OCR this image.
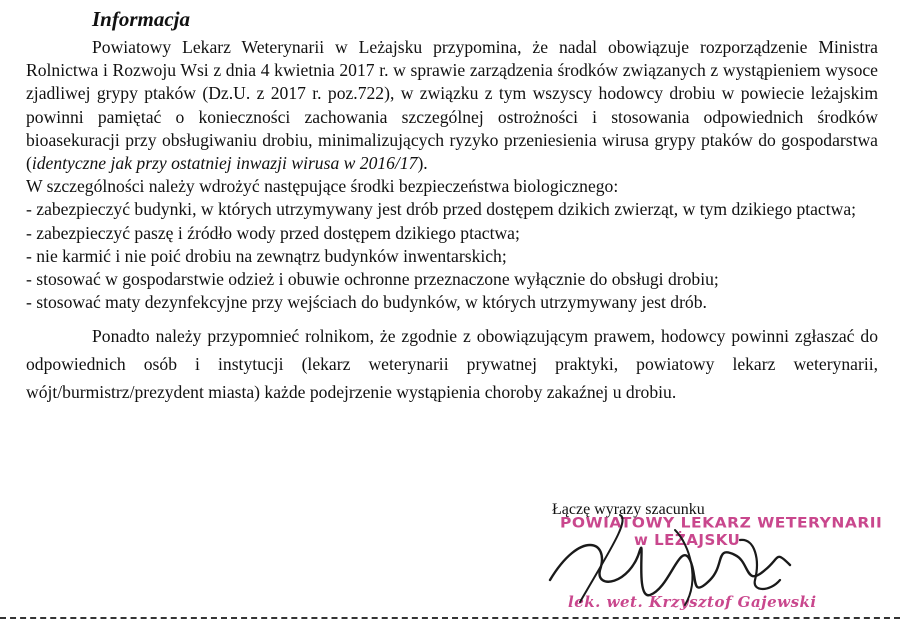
Informacja

Powiatowy Lekarz Weterynarii w Leżajsku przypomina, że nadal obowiązuje rozporządzenie Ministra Rolnictwa i Rozwoju Wsi z dnia 4 kwietnia 2017 r. w sprawie zarządzenia środków związanych z wystąpieniem wysoce zjadliwej grypy ptaków (Dz.U. z 2017 r. poz.722), w związku z tym wszyscy hodowcy drobiu w powiecie leżajskim powinni pamiętać o konieczności zachowania szczególnej ostrożności i stosowania odpowiednich środków bioasekuracji przy obsługiwaniu drobiu, minimalizujących ryzyko przeniesienia wirusa grypy ptaków do gospodarstwa (identyczne jak przy ostatniej inwazji wirusa w 2016/17).

W szczególności należy wdrożyć następujące środki bezpieczeństwa biologicznego:

- zabezpieczyć budynki, w których utrzymywany jest drób przed dostępem dzikich zwierząt, w tym dzikiego ptactwa;
- zabezpieczyć paszę i źródło wody przed dostępem dzikiego ptactwa;
- nie karmić i nie poić drobiu na zewnątrz budynków inwentarskich;
- stosować w gospodarstwie odzież i obuwie ochronne przeznaczone wyłącznie do obsługi drobiu;
- stosować maty dezynfekcyjne przy wejściach do budynków, w których utrzymywany jest drób.

Ponadto należy przypomnieć rolnikom, że zgodnie z obowiązującym prawem, hodowcy powinni zgłaszać do odpowiednich osób i instytucji (lekarz weterynarii prywatnej praktyki, powiatowy lekarz weterynarii, wójt/burmistrz/prezydent miasta) każde podejrzenie wystąpienia choroby zakaźnej u drobiu.

Łączę wyrazy szacunku
POWIATOWY LEKARZ WETERYNARII
w LEŻAJSKU
lek. wet. Krzysztof Gajewski
